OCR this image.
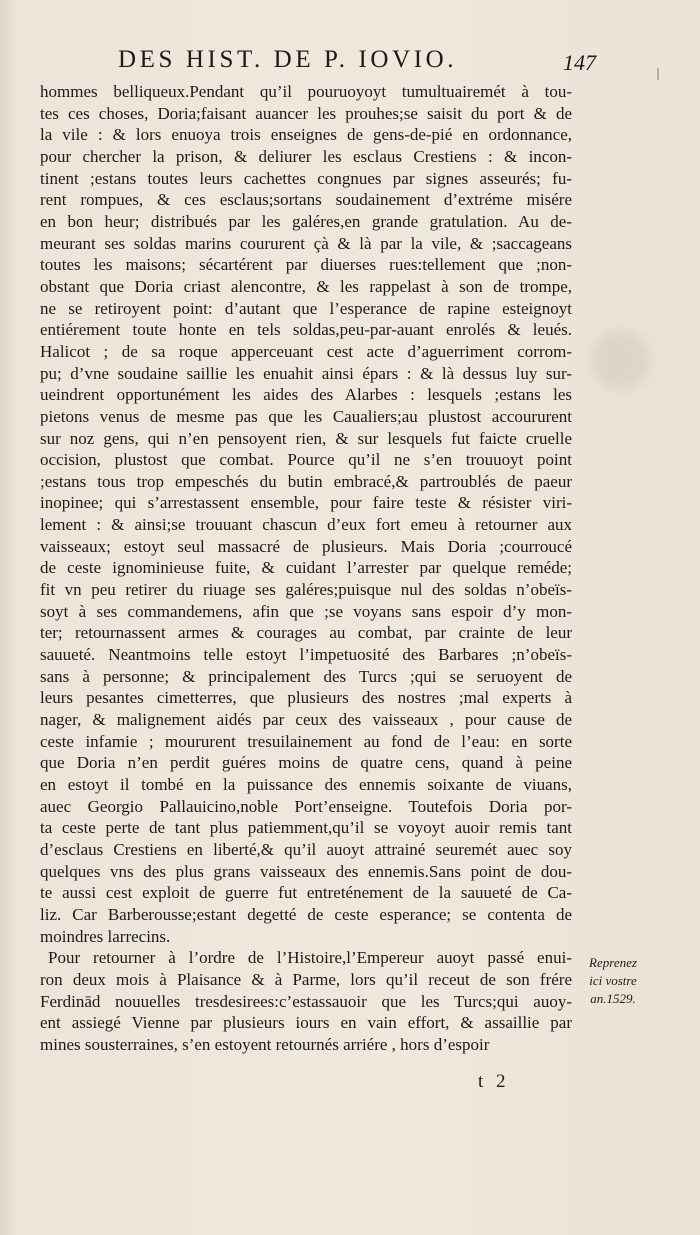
DES HIST. DE P. IOVIO.	147
hommes belliqueux.Pendant qu’il pouruoyoyt tumultuairemét à tou-
tes ces choses, Doria;faisant auancer les prouhes;se saisit du port & de
la vile : & lors enuoya trois enseignes de gens-de-pié en ordonnance,
pour chercher la prison, & deliurer les esclaus Crestiens : & incon-
tinent ;estans toutes leurs cachettes congnues par signes asseurés; fu-
rent rompues, & ces esclaus;sortans soudainement d’extréme misére
en bon heur; distribués par les galéres,en grande gratulation. Au de-
meurant ses soldas marins coururent çà & là par la vile, & ;saccageans
toutes les maisons; sécartérent par diuerses rues:tellement que ;non-
obstant que Doria criast alencontre, & les rappelast à son de trompe,
ne se retiroyent point: d’autant que l’esperance de rapine esteignoyt
entiérement toute honte en tels soldas,peu-par-auant enrolés & leués.
Halicot ; de sa roque apperceuant cest acte d’aguerriment corrom-
pu; d’vne soudaine saillie les enuahit ainsi épars : & là dessus luy sur-
ueindrent opportunément les aides des Alarbes : lesquels ;estans les
pietons venus de mesme pas que les Caualiers;au plustost accoururent
sur noz gens, qui n’en pensoyent rien, & sur lesquels fut faicte cruelle
occision, plustost que combat. Pource qu’il ne s’en trouuoyt point
;estans tous trop empeschés du butin embracé,& partroublés de paeur
inopinee; qui s’arrestassent ensemble, pour faire teste & résister viri-
lement : & ainsi;se trouuant chascun d’eux fort emeu à retourner aux
vaisseaux; estoyt seul massacré de plusieurs. Mais Doria ;courroucé
de ceste ignominieuse fuite, & cuidant l’arrester par quelque reméde;
fit vn peu retirer du riuage ses galéres;puisque nul des soldas n’obeïs-
soyt à ses commandemens, afin que ;se voyans sans espoir d’y mon-
ter; retournassent armes & courages au combat, par crainte de leur
sauueté. Neantmoins telle estoyt l’impetuosité des Barbares ;n’obeïs-
sans à personne; & principalement des Turcs ;qui se seruoyent de
leurs pesantes cimetterres, que plusieurs des nostres ;mal experts à
nager, & malignement aidés par ceux des vaisseaux , pour cause de
ceste infamie ; moururent tresuilainement au fond de l’eau: en sorte
que Doria n’en perdit guéres moins de quatre cens, quand à peine
en estoyt il tombé en la puissance des ennemis soixante de viuans,
auec Georgio Pallauicino,noble Port’enseigne. Toutefois Doria por-
ta ceste perte de tant plus patiemment,qu’il se voyoyt auoir remis tant
d’esclaus Crestiens en liberté,& qu’il auoyt attrainé seuremét auec soy
quelques vns des plus grans vaisseaux des ennemis.Sans point de dou-
te aussi cest exploit de guerre fut entreténement de la sauueté de Ca-
liz. Car Barberousse;estant degetté de ceste esperance; se contenta de
moindres larrecins.
Pour retourner à l’ordre de l’Histoire,l’Empereur auoyt passé enui-
ron deux mois à Plaisance & à Parme, lors qu’il receut de son frére
Ferdinād nouuelles tresdesirees:c’estassauoir que les Turcs;qui auoy-
ent assiegé Vienne par plusieurs iours en vain effort, & assaillie par
mines sousterraines, s’en estoyent retournés arriére , hors d’espoir
Reprenez
ici vostre
an.1529.
t 2
